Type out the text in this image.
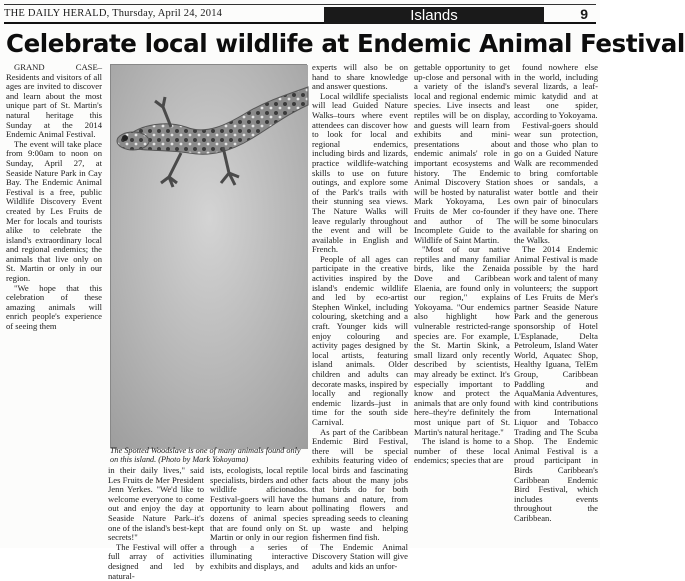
THE DAILY HERALD, Thursday, April 24, 2014	Islands	9
Celebrate local wildlife at Endemic Animal Festival

GRAND CASE–Residents and visitors of all ages are invited to discover and learn about the most unique part of St. Martin's natural heritage this Sunday at the 2014 Endemic Animal Festival.

The event will take place from 9:00am to noon on Sunday, April 27, at Seaside Nature Park in Cay Bay. The Endemic Animal Festival is a free, public Wildlife Discovery Event created by Les Fruits de Mer for locals and tourists alike to celebrate the island's extraordinary local and regional endemics; the animals that live only on St. Martin or only in our region.

"We hope that this celebration of these amazing animals will enrich people's experience of seeing them

The Spotted Woodslave is one of many animals found only on this island. (Photo by Mark Yokoyama)

in their daily lives," said Les Fruits de Mer President Jenn Yerkes. "We'd like to welcome everyone to come out and enjoy the day at Seaside Nature Park–it's one of the island's best-kept secrets!"

The Festival will offer a full array of activities designed and led by natural-

ists, ecologists, local reptile specialists, birders and other wildlife aficionados. Festival-goers will have the opportunity to learn about dozens of animal species that are found only on St. Martin or only in our region through a series of illuminating interactive exhibits and displays, and

experts will also be on hand to share knowledge and answer questions.

Local wildlife specialists will lead Guided Nature Walks–tours where event attendees can discover how to look for local and regional endemics, including birds and lizards, practice wildlife-watching skills to use on future outings, and explore some of the Park's trails with their stunning sea views. The Nature Walks will leave regularly throughout the event and will be available in English and French.

People of all ages can participate in the creative activities inspired by the island's endemic wildlife and led by eco-artist Stephen Winkel, including colouring, sketching and a craft. Younger kids will enjoy colouring and activity pages designed by local artists, featuring island animals. Older children and adults can decorate masks, inspired by locally and regionally endemic lizards–just in time for the south side Carnival.

As part of the Caribbean Endemic Bird Festival, there will be special exhibits featuring video of local birds and fascinating facts about the many jobs that birds do for both humans and nature, from pollinating flowers and spreading seeds to cleaning up waste and helping fishermen find fish.

The Endemic Animal Discovery Station will give adults and kids an unfor-

gettable opportunity to get up-close and personal with a variety of the island's local and regional endemic species. Live insects and reptiles will be on display, and guests will learn from exhibits and mini-presentations about endemic animals' role in important ecosystems and history. The Endemic Animal Discovery Station will be hosted by naturalist Mark Yokoyama, Les Fruits de Mer co-founder and author of The Incomplete Guide to the Wildlife of Saint Martin.

"Most of our native reptiles and many familiar birds, like the Zenaida Dove and Caribbean Elaenia, are found only in our region," explains Yokoyama. "Our endemics also highlight how vulnerable restricted-range species are. For example, the St. Martin Skink, a small lizard only recently described by scientists, may already be extinct. It's especially important to know and protect the animals that are only found here–they're definitely the most unique part of St. Martin's natural heritage."

The island is home to a number of these local endemics; species that are

found nowhere else in the world, including several lizards, a leaf-mimic katydid and at least one spider, according to Yokoyama.

Festival-goers should wear sun protection, and those who plan to go on a Guided Nature Walk are recommended to bring comfortable shoes or sandals, a water bottle and their own pair of binoculars if they have one. There will be some binoculars available for sharing on the Walks.

The 2014 Endemic Animal Festival is made possible by the hard work and talent of many volunteers; the support of Les Fruits de Mer's partner Seaside Nature Park and the generous sponsorship of Hotel L'Esplanade, Delta Petroleum, Island Water World, Aquatec Shop, Healthy Iguana, TelEm Group, Caribbean Paddling and AquaMania Adventures, with kind contributions from International Liquor and Tobacco Trading and The Scuba Shop. The Endemic Animal Festival is a proud participant in Birds Caribbean's Caribbean Endemic Bird Festival, which includes events throughout the Caribbean.
